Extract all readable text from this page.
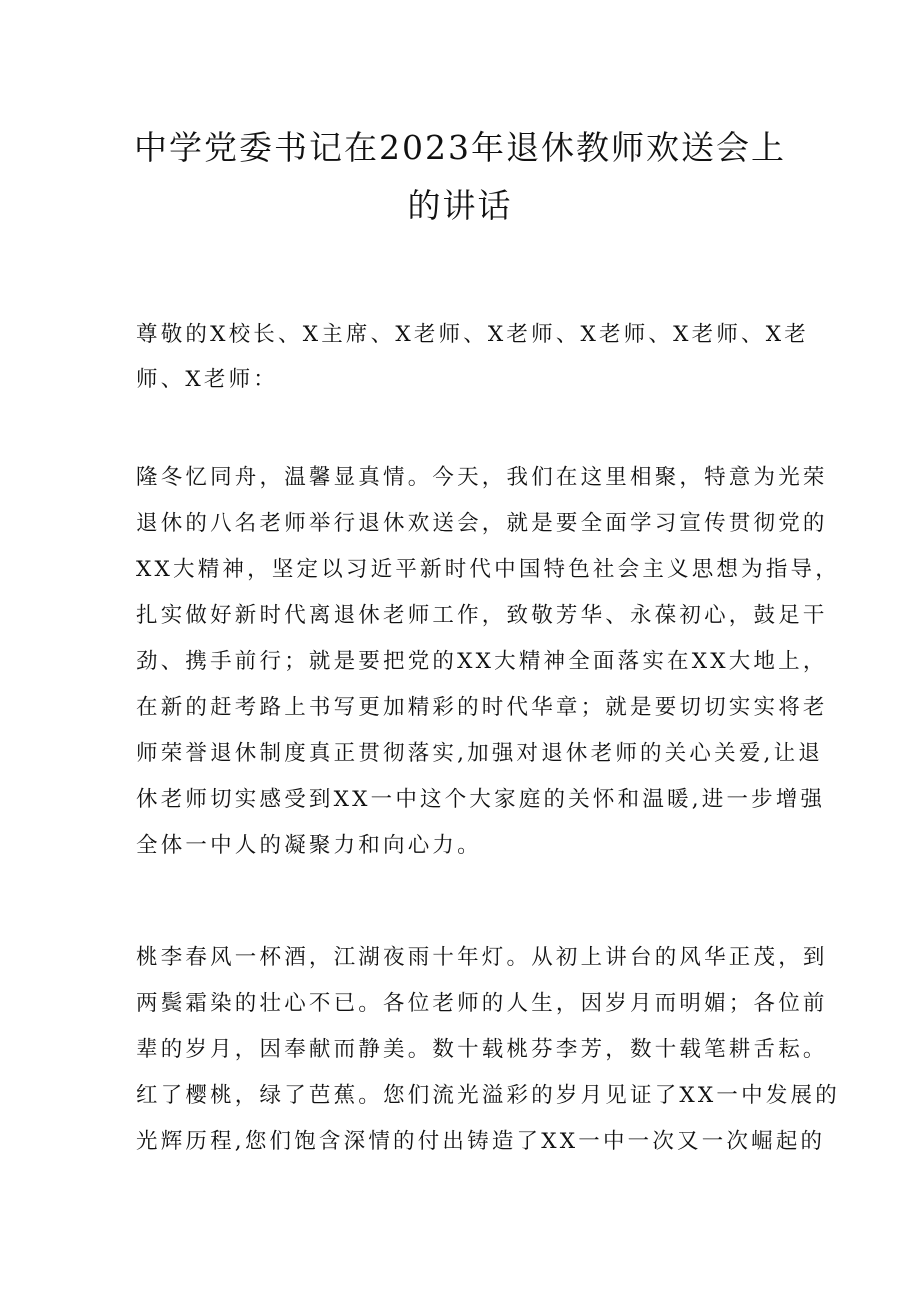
中学党委书记在2023年退休教师欢送会上
的讲话

尊敬的X校长、X主席、X老师、X老师、X老师、X老师、X老

师、X老师：

隆冬忆同舟，温馨显真情。今天，我们在这里相聚，特意为光荣

退休的八名老师举行退休欢送会，就是要全面学习宣传贯彻党的

XX大精神，坚定以习近平新时代中国特色社会主义思想为指导，

扎实做好新时代离退休老师工作，致敬芳华、永葆初心，鼓足干

劲、携手前行；就是要把党的XX大精神全面落实在XX大地上，

在新的赶考路上书写更加精彩的时代华章；就是要切切实实将老

师荣誉退休制度真正贯彻落实,加强对退休老师的关心关爱,让退

休老师切实感受到XX一中这个大家庭的关怀和温暖,进一步增强

全体一中人的凝聚力和向心力。

桃李春风一杯酒，江湖夜雨十年灯。从初上讲台的风华正茂，到

两鬓霜染的壮心不已。各位老师的人生，因岁月而明媚；各位前

辈的岁月，因奉献而静美。数十载桃芬李芳，数十载笔耕舌耘。

红了樱桃，绿了芭蕉。您们流光溢彩的岁月见证了XX一中发展的

光辉历程,您们饱含深情的付出铸造了XX一中一次又一次崛起的
